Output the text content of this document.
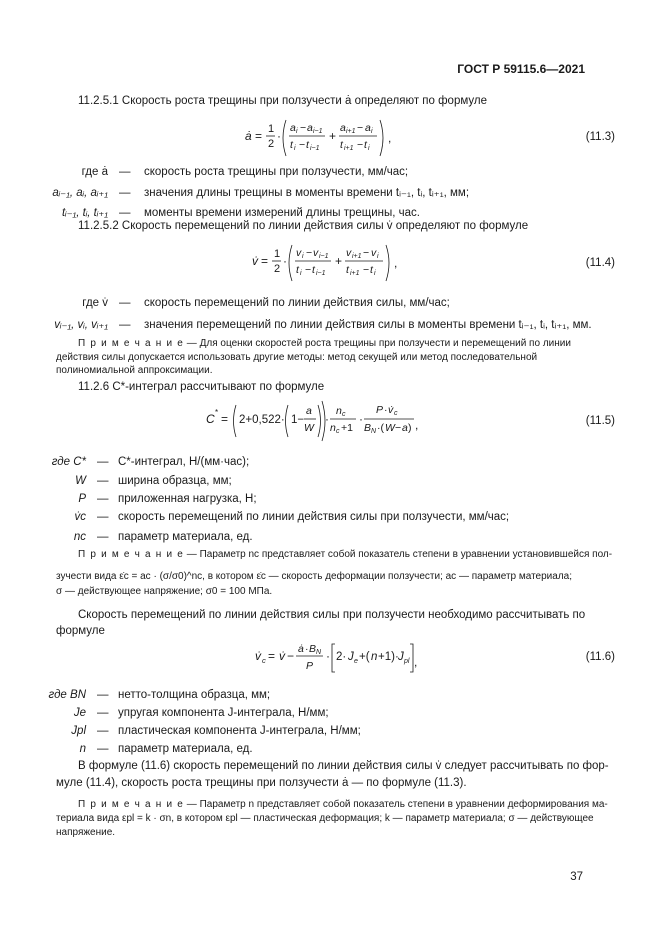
ГОСТ Р 59115.6—2021
11.2.5.1 Скорость роста трещины при ползучести ȧ определяют по формуле
ȧ = 1
2
·
a i − a i−1
t i − t i−1
+
a i+1 − a i
t i+1 − t i
,	(11.3)
где ȧ — скорость роста трещины при ползучести, мм/час;
aᵢ₋₁, aᵢ, aᵢ₊₁ — значения длины трещины в моменты времени tᵢ₋₁, tᵢ, tᵢ₊₁, мм;
tᵢ₋₁, tᵢ, tᵢ₊₁ — моменты времени измерений длины трещины, час.
11.2.5.2 Скорость перемещений по линии действия силы v̇ определяют по формуле
v̇ = 1
2
·
v i − v i−1
t i − t i−1
+
v i+1 − v i
t i+1 − t i
,	(11.4)
где v̇ — скорость перемещений по линии действия силы, мм/час;
vᵢ₋₁, vᵢ, vᵢ₊₁ — значения перемещений по линии действия силы в моменты времени tᵢ₋₁, tᵢ, tᵢ₊₁, мм.
П р и м е ч а н и е — Для оценки скоростей роста трещины при ползучести и перемещений по линии действия силы допускается использовать другие методы: метод секущей или метод последовательной полиномиальной аппроксимации.
11.2.6 C*-интеграл рассчитывают по формуле
C * = 2+0,522· 1−
a
W
·
n c
n c +1
·
P · v̇ c
B N ·( W − a ) ,	(11.5)
где C* — C*-интеграл, Н/(мм·час);
W — ширина образца, мм;
P — приложенная нагрузка, Н;
v̇c — скорость перемещений по линии действия силы при ползучести, мм/час;
nc — параметр материала, ед.
П р и м е ч а н и е — Параметр nc представляет собой показатель степени в уравнении установившейся пол-
зучести вида ε̇c = ac · (σ/σ0)^nc, в котором ε̇c — скорость деформации ползучести; ac — параметр материала;
σ — действующее напряжение; σ0 = 100 МПа.
Скорость перемещений по линии действия силы при ползучести необходимо рассчитывать по
формуле
v̇ c = v̇ − ȧ · B N
P
· 2· J e +( n +1)· J pl ,	(11.6)
где BN — нетто-толщина образца, мм;
Je — упругая компонента J-интеграла, Н/мм;
Jpl — пластическая компонента J-интеграла, Н/мм;
n — параметр материала, ед.
В формуле (11.6) скорость перемещений по линии действия силы v̇ следует рассчитывать по фор-
муле (11.4), скорость роста трещины при ползучести ȧ — по формуле (11.3).
П р и м е ч а н и е — Параметр n представляет собой показатель степени в уравнении деформирования ма-
териала вида εpl = k · σn, в котором εpl — пластическая деформация; k — параметр материала; σ — действующее
напряжение.
37
